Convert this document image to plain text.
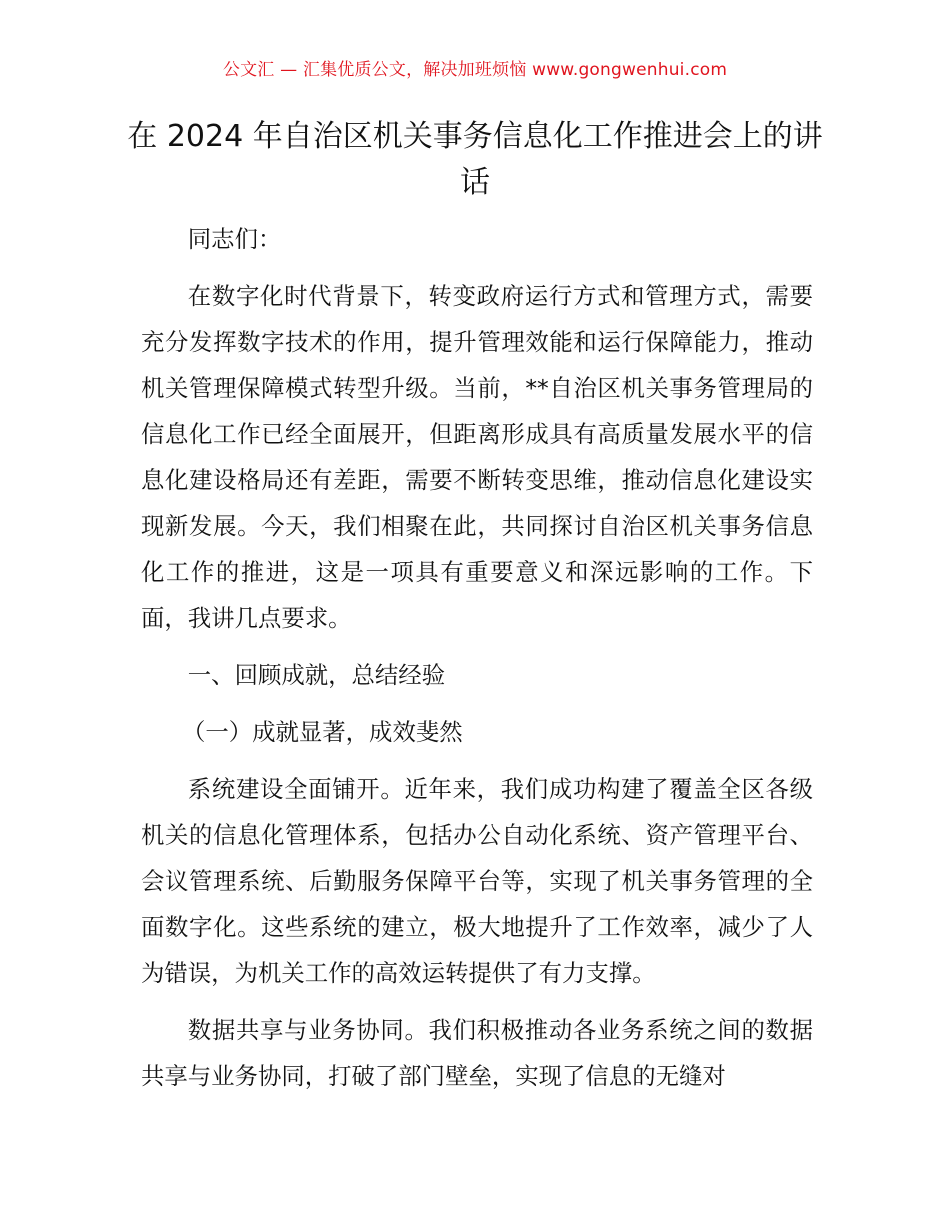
公文汇 — 汇集优质公文，解决加班烦恼 www.gongwenhui.com
在 2024 年自治区机关事务信息化工作推进会上的讲话

同志们：

在数字化时代背景下，转变政府运行方式和管理方式，需要充分发挥数字技术的作用，提升管理效能和运行保障能力，推动机关管理保障模式转型升级。当前，**自治区机关事务管理局的信息化工作已经全面展开，但距离形成具有高质量发展水平的信息化建设格局还有差距，需要不断转变思维，推动信息化建设实现新发展。今天，我们相聚在此，共同探讨自治区机关事务信息化工作的推进，这是一项具有重要意义和深远影响的工作。下面，我讲几点要求。

一、回顾成就，总结经验

（一）成就显著，成效斐然

系统建设全面铺开。近年来，我们成功构建了覆盖全区各级机关的信息化管理体系，包括办公自动化系统、资产管理平台、会议管理系统、后勤服务保障平台等，实现了机关事务管理的全面数字化。这些系统的建立，极大地提升了工作效率，减少了人为错误，为机关工作的高效运转提供了有力支撑。

数据共享与业务协同。我们积极推动各业务系统之间的数据共享与业务协同，打破了部门壁垒，实现了信息的无缝对
